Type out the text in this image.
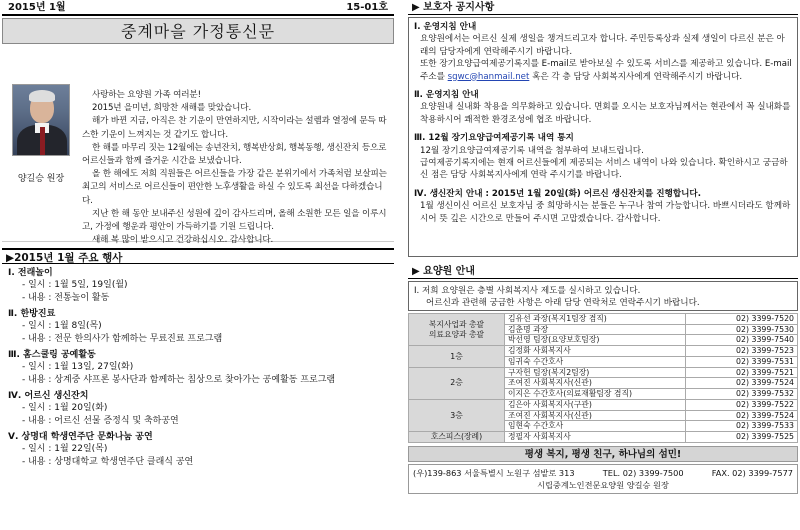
2015년 1월	15-01호
중계마을 가정통신문
양길승 원장

사랑하는 요양원 가족 여러분!

2015년 을미년, 희망찬 새해를 맞았습니다.

해가 바뀐 지금, 아직은 찬 기운이 만연하지만, 시작이라는 설렘과 열정에 문득 따스한 기운이 느껴지는 것 같기도 합니다.

한 해를 마무리 짓는 12월에는 송년잔치, 행복반상회, 행복동행, 생신잔치 등으로 어르신들과 함께 즐거운 시간을 보냈습니다.

올 한 해에도 저희 직원들은 어르신들을 가장 같은 분위기에서 가족처럼 보살피는 최고의 서비스로 어르신들이 편안한 노후생활을 하실 수 있도록 최선을 다하겠습니다.

지난 한 해 동안 보내주신 성원에 깊이 감사드리며, 올해 소원한 모든 일을 이루시고, 가정에 행운과 평안이 가득하기를 기원 드립니다.

새해 복 많이 받으시고 건강하십시오. 감사합니다.

▶2015년 1월 주요 행사
Ⅰ. 전래놀이
- 일시 : 1월 5일, 19일(월)
- 내용 : 전통놀이 활동
Ⅱ. 한방진료
- 일시 : 1월 8일(목)
- 내용 : 전문 한의사가 함께하는 무료진료 프로그램
Ⅲ. 홈스쿨링 공예활동
- 일시 : 1월 13일, 27일(화)
- 내용 : 상계중 샤프론 봉사단과 함께하는 침상으로 찾아가는 공예활동 프로그램
Ⅳ. 어르신 생신잔치
- 일시 : 1월 20일(화)
- 내용 : 어르신 선물 증정식 및 축하공연
Ⅴ. 상명대 학생연주단 문화나눔 공연
- 일시 : 1월 22일(목)
- 내용 : 상명대학교 학생연주단 클래식 공연
▶ 보호자 공지사항
Ⅰ. 운영지침 안내
요양원에서는 어르신 실제 생일을 챙겨드리고자 합니다. 주민등록상과 실제 생일이 다르신 분은 아래의 담당자에게 연락해주시기 바랍니다.
또한 장기요양급여제공기록지를 E-mail로 받아보실 수 있도록 서비스를 제공하고 있습니다. E-mail 주소를 sgwc@hanmail.net 혹은 각 층 담당 사회복지사에게 연락해주시기 바랍니다.
Ⅱ. 운영지침 안내
요양원내 실내화 착용을 의무화하고 있습니다. 면회를 오시는 보호자님께서는 현관에서 꼭 실내화를 착용하시어 쾌적한 환경조성에 협조 바랍니다.
Ⅲ. 12월 장기요양급여제공기록 내역 통지
12월 장기요양급여제공기록 내역을 첨부하여 보내드립니다.
급여제공기록지에는 현재 어르신들에게 제공되는 서비스 내역이 나와 있습니다. 확인하시고 궁금하신 점은 담당 사회복지사에게 연락 주시기를 바랍니다.
Ⅳ. 생신잔치 안내 : 2015년 1월 20일(화) 어르신 생신잔치를 진행합니다.
1월 생신이신 어르신 보호자님 중 희망하시는 분들은 누구나 참여 가능합니다. 바쁘시더라도 함께하시어 뜻 깊은 시간으로 만들어 주시면 고맙겠습니다. 감사합니다.
▶ 요양원 안내
Ⅰ. 저희 요양원은 층별 사회복지사 제도를 실시하고 있습니다.
어르신과 관련해 궁금한 사항은 아래 담당 연락처로 연락주시기 바랍니다.
복지사업과 총괄
의료요양과 총괄	김유선 과장(복지1팀장 겸직)	02) 3399-7520
	김춘명 과장	02) 3399-7530
	박선영 팀장(요양보호팀장)	02) 3399-7540
1층	김정화 사회복지사	02) 3399-7523
	임귀숙 수간호사	02) 3399-7531
2층	구자헌 팀장(복지2팀장)	02) 3399-7521
	조여진 사회복지사(신관)	02) 3399-7524
	이지은 수간호사(의료재활팀장 겸직)	02) 3399-7532
3층	김은아 사회복지사(구관)	02) 3399-7522
	조여진 사회복지사(신관)	02) 3399-7524
	임현숙 수간호사	02) 3399-7533
호스피스(장례)	정필자 사회복지사	02) 3399-7525
평생 복지, 평생 친구, 하나님의 섬민!
(우)139-863 서울특별시 노원구 섬밭로 313	TEL. 02) 3399-7500	FAX. 02) 3399-7577
시립중계노인전문요양원 양길승 원장
